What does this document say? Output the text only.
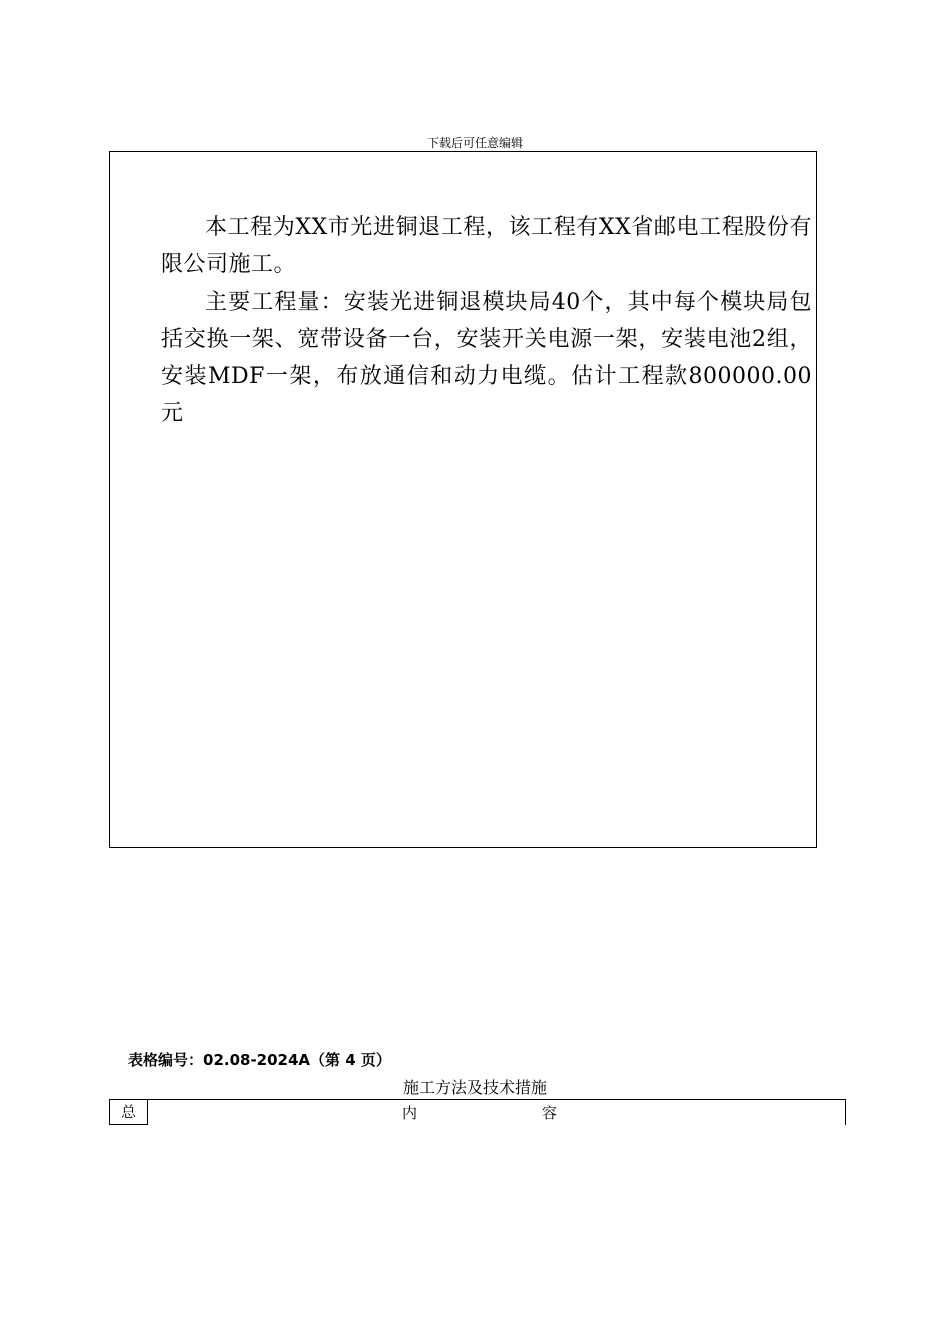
下载后可任意编辑

本工程为XX市光进铜退工程，该工程有XX省邮电工程股份有限公司施工。

主要工程量：安装光进铜退模块局40个，其中每个模块局包括交换一架、宽带设备一台，安装开关电源一架，安装电池2组，安装MDF一架，布放通信和动力电缆。估计工程款800000.00元

表格编号：02.08-2024A（第 4 页）
施工方法及技术措施
总	内	容
